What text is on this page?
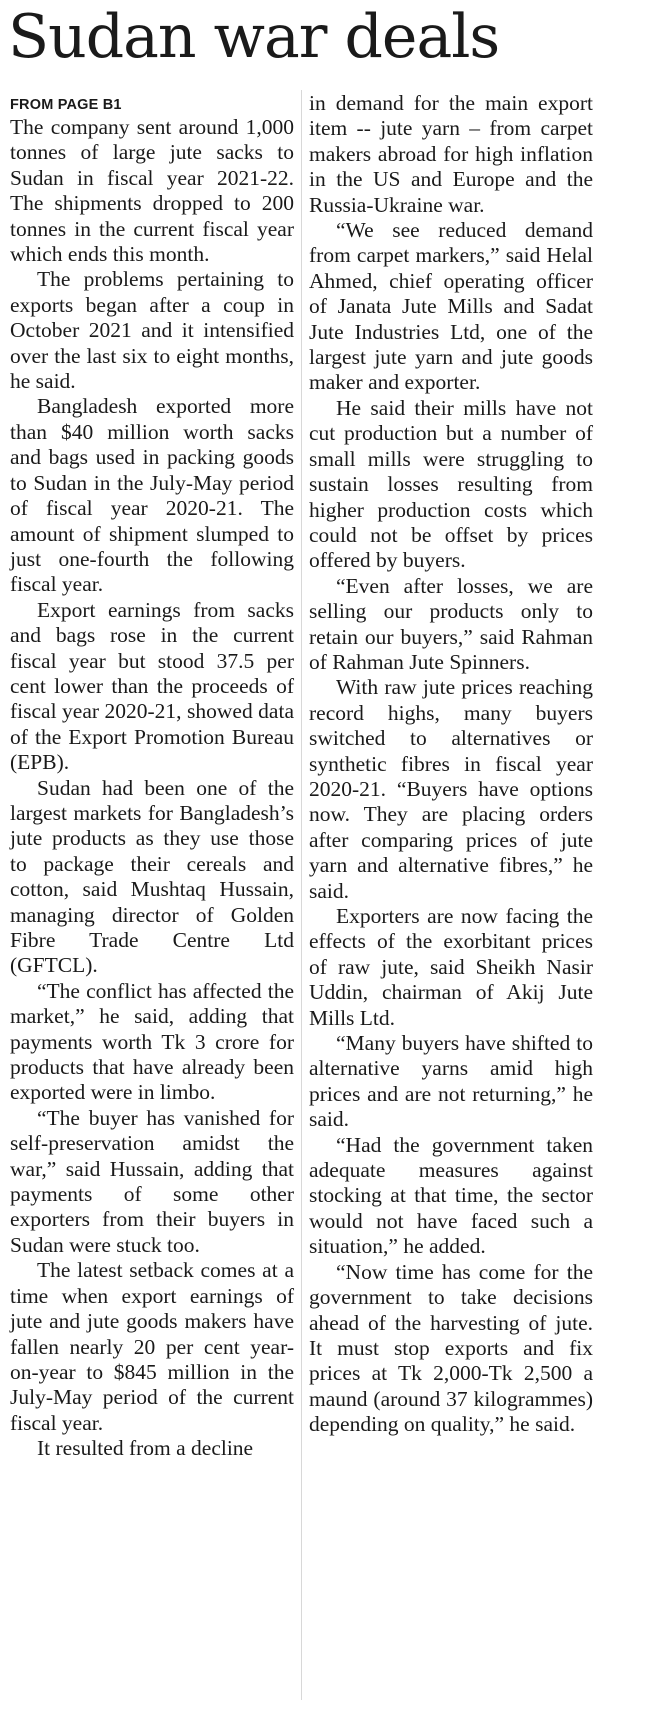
Sudan war deals
FROM PAGE B1

The company sent around 1,000 tonnes of large jute sacks to Sudan in fiscal year 2021-22. The shipments dropped to 200 tonnes in the current fiscal year which ends this month.

The problems pertaining to exports began after a coup in October 2021 and it intensified over the last six to eight months, he said.

Bangladesh exported more than $40 million worth sacks and bags used in packing goods to Sudan in the July-May period of fiscal year 2020-21. The amount of shipment slumped to just one-fourth the following fiscal year.

Export earnings from sacks and bags rose in the current fiscal year but stood 37.5 per cent lower than the proceeds of fiscal year 2020-21, showed data of the Export Promotion Bureau (EPB).

Sudan had been one of the largest markets for Bangladesh’s jute products as they use those to package their cereals and cotton, said Mushtaq Hussain, managing director of Golden Fibre Trade Centre Ltd (GFTCL).

“The conflict has affected the market,” he said, adding that payments worth Tk 3 crore for products that have already been exported were in limbo.

“The buyer has vanished for self-preservation amidst the war,” said Hussain, adding that payments of some other exporters from their buyers in Sudan were stuck too.

The latest setback comes at a time when export earnings of jute and jute goods makers have fallen nearly 20 per cent year-on-year to $845 million in the July-May period of the current fiscal year.

It resulted from a decline

in demand for the main export item -- jute yarn – from carpet makers abroad for high inflation in the US and Europe and the Russia-Ukraine war.

“We see reduced demand from carpet markers,” said Helal Ahmed, chief operating officer of Janata Jute Mills and Sadat Jute Industries Ltd, one of the largest jute yarn and jute goods maker and exporter.

He said their mills have not cut production but a number of small mills were struggling to sustain losses resulting from higher production costs which could not be offset by prices offered by buyers.

“Even after losses, we are selling our products only to retain our buyers,” said Rahman of Rahman Jute Spinners.

With raw jute prices reaching record highs, many buyers switched to alternatives or synthetic fibres in fiscal year 2020-21. “Buyers have options now. They are placing orders after comparing prices of jute yarn and alternative fibres,” he said.

Exporters are now facing the effects of the exorbitant prices of raw jute, said Sheikh Nasir Uddin, chairman of Akij Jute Mills Ltd.

“Many buyers have shifted to alternative yarns amid high prices and are not returning,” he said.

“Had the government taken adequate measures against stocking at that time, the sector would not have faced such a situation,” he added.

“Now time has come for the government to take decisions ahead of the harvesting of jute. It must stop exports and fix prices at Tk 2,000-Tk 2,500 a maund (around 37 kilogrammes) depending on quality,” he said.
